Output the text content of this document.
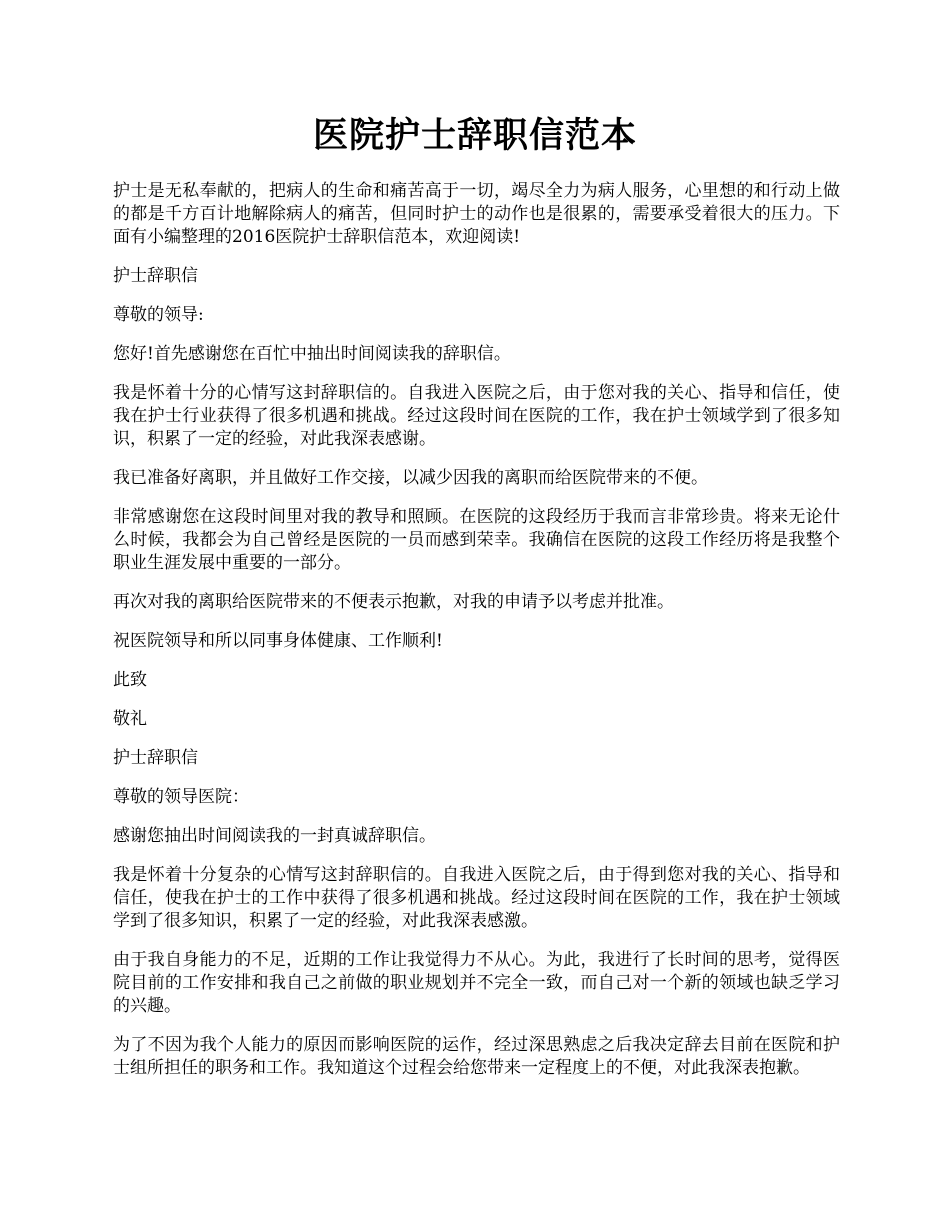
医院护士辞职信范本

护士是无私奉献的，把病人的生命和痛苦高于一切，竭尽全力为病人服务，心里想的和行动上做的都是千方百计地解除病人的痛苦，但同时护士的动作也是很累的，需要承受着很大的压力。下面有小编整理的2016医院护士辞职信范本，欢迎阅读!

护士辞职信

尊敬的领导:

您好!首先感谢您在百忙中抽出时间阅读我的辞职信。

我是怀着十分的心情写这封辞职信的。自我进入医院之后，由于您对我的关心、指导和信任，使我在护士行业获得了很多机遇和挑战。经过这段时间在医院的工作，我在护士领域学到了很多知识，积累了一定的经验，对此我深表感谢。

我已准备好离职，并且做好工作交接，以减少因我的离职而给医院带来的不便。

非常感谢您在这段时间里对我的教导和照顾。在医院的这段经历于我而言非常珍贵。将来无论什么时候，我都会为自己曾经是医院的一员而感到荣幸。我确信在医院的这段工作经历将是我整个职业生涯发展中重要的一部分。

再次对我的离职给医院带来的不便表示抱歉，对我的申请予以考虑并批准。

祝医院领导和所以同事身体健康、工作顺利!

此致

敬礼

护士辞职信

尊敬的领导医院：

感谢您抽出时间阅读我的一封真诚辞职信。

我是怀着十分复杂的心情写这封辞职信的。自我进入医院之后，由于得到您对我的关心、指导和信任，使我在护士的工作中获得了很多机遇和挑战。经过这段时间在医院的工作，我在护士领域学到了很多知识，积累了一定的经验，对此我深表感激。

由于我自身能力的不足，近期的工作让我觉得力不从心。为此，我进行了长时间的思考，觉得医院目前的工作安排和我自己之前做的职业规划并不完全一致，而自己对一个新的领域也缺乏学习的兴趣。

为了不因为我个人能力的原因而影响医院的运作，经过深思熟虑之后我决定辞去目前在医院和护士组所担任的职务和工作。我知道这个过程会给您带来一定程度上的不便，对此我深表抱歉。
